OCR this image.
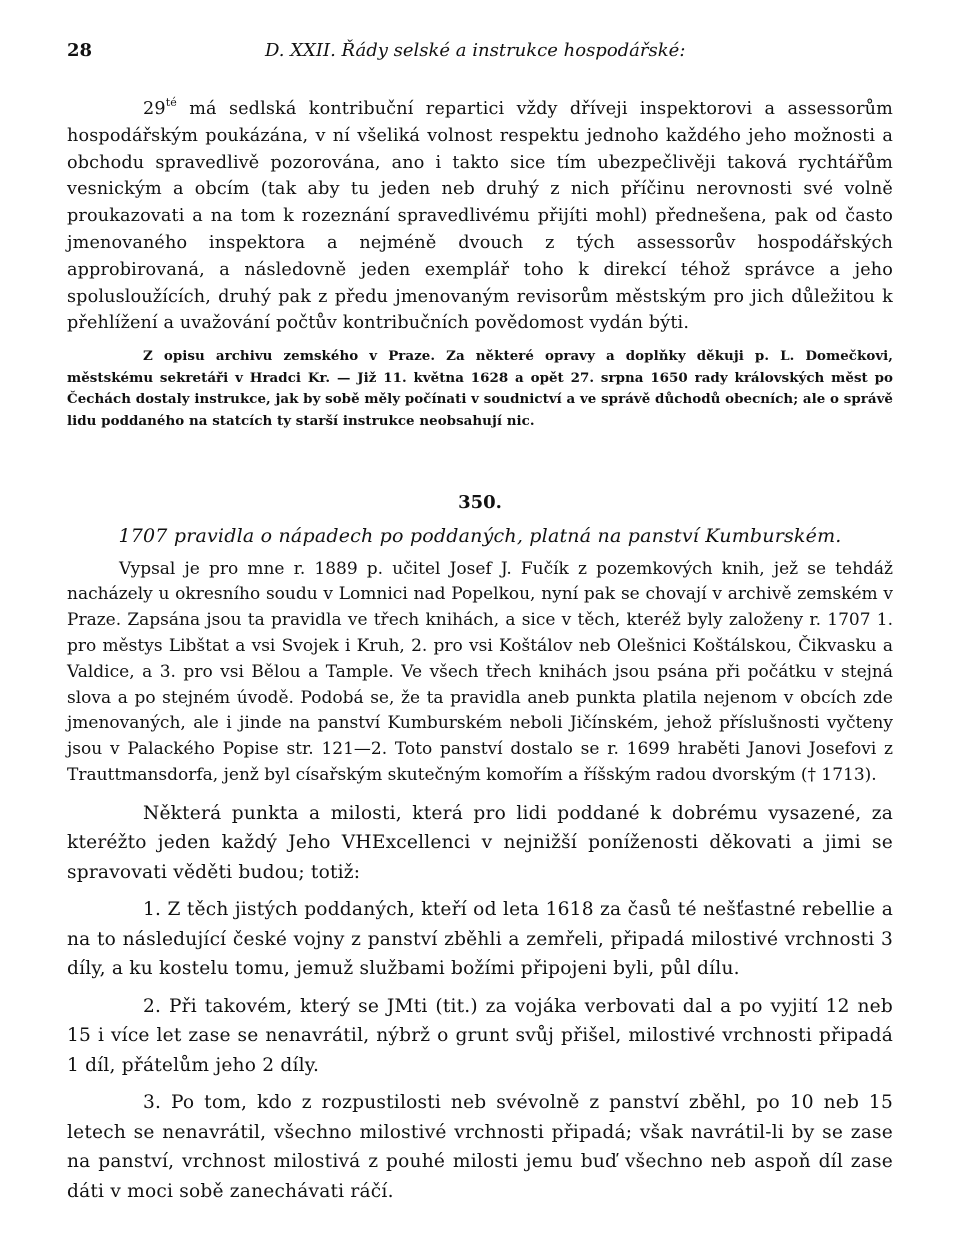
28	D. XXII. Řády selské a instrukce hospodářské:

$29^{té}$ má sedlská kontribuční repartici vždy dříveji inspektorovi a assessorům hospodářským poukázána, v ní všeliká volnost respektu jednoho každého jeho možnosti a obchodu spravedlivě pozorována, ano i takto sice tím ubezpečlivěji taková rychtářům vesnickým a obcím (tak aby tu jeden neb druhý z nich příčinu nerovnosti své volně proukazovati a na tom k rozeznání spravedlivému přijíti mohl) přednešena, pak od často jmenovaného inspektora a nejméně dvouch z tých assessorův hospodářských approbirovaná, a následovně jeden exemplář toho k direkcí téhož správce a jeho spolusloužících, druhý pak z předu jmenovaným revisorům městským pro jich důležitou k přehlížení a uvažování počtův kontribučních povědomost vydán býti.

Z opisu archivu zemského v Praze. Za některé opravy a doplňky děkuji p. L. Domečkovi, městskému sekretáři v Hradci Kr. — Již 11. května 1628 a opět 27. srpna 1650 rady královských měst po Čechách dostaly instrukce, jak by sobě měly počínati v soudnictví a ve správě důchodů obecních; ale o správě lidu poddaného na statcích ty starší instrukce neobsahují nic.

350.

1707 pravidla o nápadech po poddaných, platná na panství Kumburském.

Vypsal je pro mne r. 1889 p. učitel Josef J. Fučík z pozemkových knih, jež se tehdáž nacházely u okresního soudu v Lomnici nad Popelkou, nyní pak se chovají v archivě zemském v Praze. Zapsána jsou ta pravidla ve třech knihách, a sice v těch, kteréž byly založeny r. 1707 1. pro městys Libštat a vsi Svojek i Kruh, 2. pro vsi Koštálov neb Olešnici Koštálskou, Čikvasku a Valdice, a 3. pro vsi Bělou a Tample. Ve všech třech knihách jsou psána při počátku v stejná slova a po stejném úvodě. Podobá se, že ta pravidla aneb punkta platila nejenom v obcích zde jmenovaných, ale i jinde na panství Kumburském neboli Jičínském, jehož příslušnosti vyčteny jsou v Palackého Popise str. 121—2. Toto panství dostalo se r. 1699 hraběti Janovi Josefovi z Trauttmansdorfa, jenž byl císařským skutečným komořím a říšským radou dvorským († 1713).

Některá punkta a milosti, která pro lidi poddané k dobrému vysazené, za kteréžto jeden každý Jeho VHExcellenci v nejnižší poníženosti děkovati a jimi se spravovati věděti budou; totiž:

1. Z těch jistých poddaných, kteří od leta 1618 za časů té nešťastné rebellie a na to následující české vojny z panství zběhli a zemřeli, připadá milostivé vrchnosti 3 díly, a ku kostelu tomu, jemuž službami božími připojeni byli, půl dílu.

2. Při takovém, který se JMti (tit.) za vojáka verbovati dal a po vyjití 12 neb 15 i více let zase se nenavrátil, nýbrž o grunt svůj přišel, milostivé vrchnosti připadá 1 díl, přátelům jeho 2 díly.

3. Po tom, kdo z rozpustilosti neb svévolně z panství zběhl, po 10 neb 15 letech se nenavrátil, všechno milostivé vrchnosti připadá; však navrátil-li by se zase na panství, vrchnost milostivá z pouhé milosti jemu buď všechno neb aspoň díl zase dáti v moci sobě zanechávati ráčí.
